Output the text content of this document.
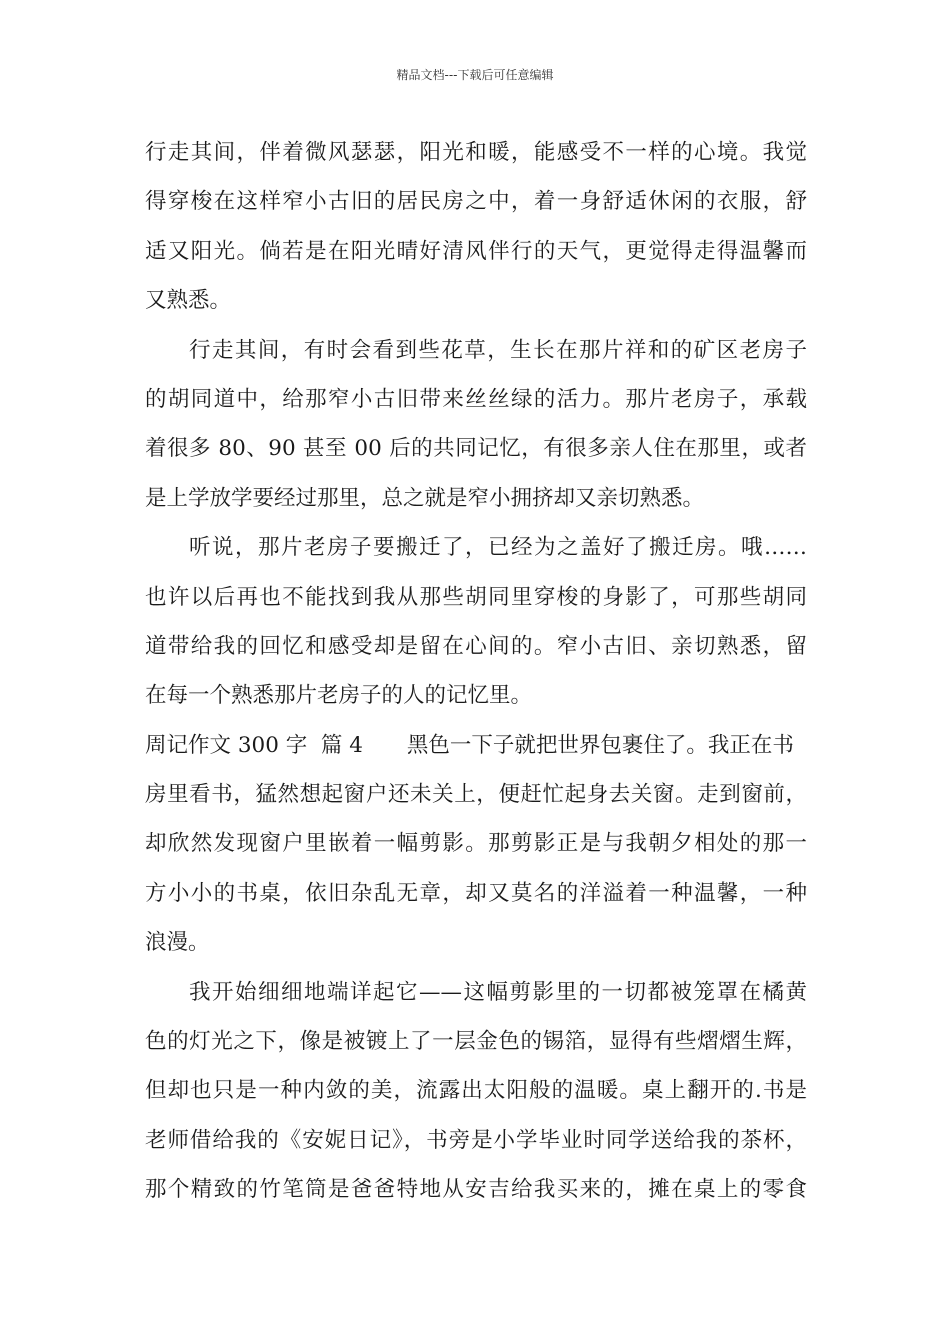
精品文档---下载后可任意编辑
行走其间，伴着微风瑟瑟，阳光和暖，能感受不一样的心境。我觉
得穿梭在这样窄小古旧的居民房之中，着一身舒适休闲的衣服，舒
适又阳光。倘若是在阳光晴好清风伴行的天气，更觉得走得温馨而
又熟悉。
行走其间，有时会看到些花草，生长在那片祥和的矿区老房子
的胡同道中，给那窄小古旧带来丝丝绿的活力。那片老房子，承载
着很多 80、90 甚至 00 后的共同记忆，有很多亲人住在那里，或者
是上学放学要经过那里，总之就是窄小拥挤却又亲切熟悉。
听说，那片老房子要搬迁了，已经为之盖好了搬迁房。哦……
也许以后再也不能找到我从那些胡同里穿梭的身影了，可那些胡同
道带给我的回忆和感受却是留在心间的。窄小古旧、亲切熟悉，留
在每一个熟悉那片老房子的人的记忆里。
周记作文 300 字  篇 4 黑色一下子就把世界包裹住了。我正在书
房里看书，猛然想起窗户还未关上，便赶忙起身去关窗。走到窗前，
却欣然发现窗户里嵌着一幅剪影。那剪影正是与我朝夕相处的那一
方小小的书桌，依旧杂乱无章，却又莫名的洋溢着一种温馨，一种
浪漫。
我开始细细地端详起它——这幅剪影里的一切都被笼罩在橘黄
色的灯光之下，像是被镀上了一层金色的锡箔，显得有些熠熠生辉，
但却也只是一种内敛的美，流露出太阳般的温暖。桌上翻开的.书是
老师借给我的《安妮日记》，书旁是小学毕业时同学送给我的茶杯，
那个精致的竹笔筒是爸爸特地从安吉给我买来的，摊在桌上的零食
